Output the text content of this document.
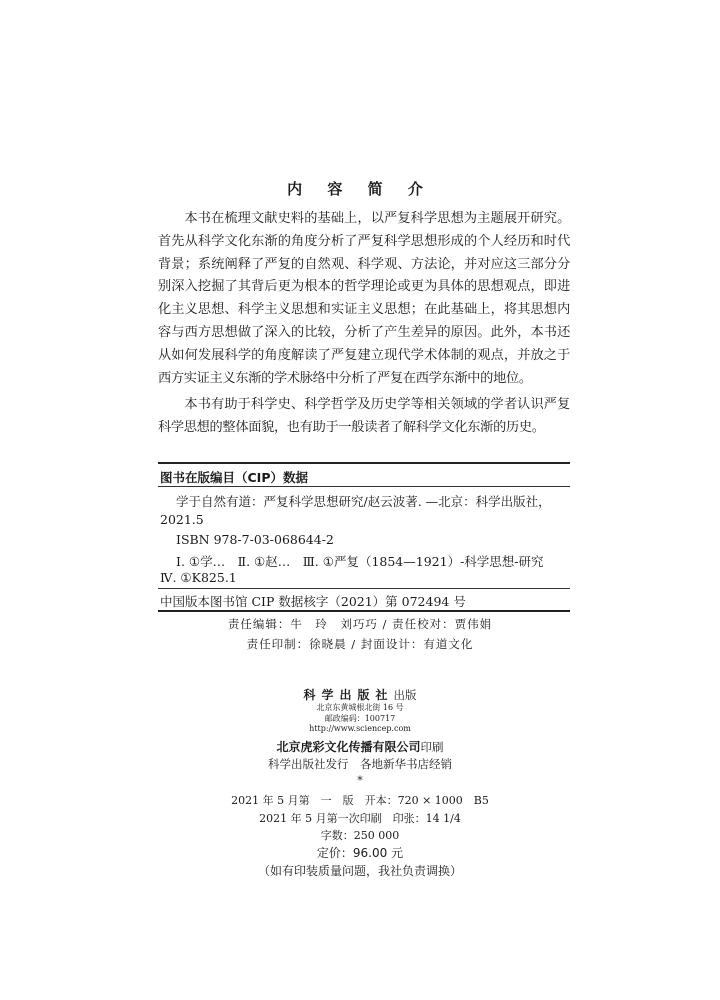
内 容 简 介

本书在梳理文献史料的基础上，以严复科学思想为主题展开研究。首先从科学文化东渐的角度分析了严复科学思想形成的个人经历和时代背景；系统阐释了严复的自然观、科学观、方法论，并对应这三部分分别深入挖掘了其背后更为根本的哲学理论或更为具体的思想观点，即进化主义思想、科学主义思想和实证主义思想；在此基础上，将其思想内容与西方思想做了深入的比较，分析了产生差异的原因。此外，本书还从如何发展科学的角度解读了严复建立现代学术体制的观点，并放之于西方实证主义东渐的学术脉络中分析了严复在西学东渐中的地位。

本书有助于科学史、科学哲学及历史学等相关领域的学者认识严复科学思想的整体面貌，也有助于一般读者了解科学文化东渐的历史。

图书在版编目（CIP）数据
学于自然有道：严复科学思想研究/赵云波著. —北京：科学出版社，
2021.5
ISBN 978-7-03-068644-2
Ⅰ. ①学…　Ⅱ. ①赵…　Ⅲ. ①严复（1854—1921）-科学思想-研究
Ⅳ. ①K825.1
中国版本图书馆 CIP 数据核字（2021）第 072494 号
责任编辑：牛　玲　刘巧巧 / 责任校对：贾伟娟
责任印制：徐晓晨 / 封面设计：有道文化
科学出版社出版
北京东黄城根北街 16 号
邮政编码：100717
http://www.sciencep.com
北京虎彩文化传播有限公司印刷
科学出版社发行　各地新华书店经销
*
2021 年 5 月第　一　版　开本：720 × 1000　B5
2021 年 5 月第一次印刷　印张：14 1/4
字数：250 000
定价：96.00 元
（如有印装质量问题，我社负责调换）
